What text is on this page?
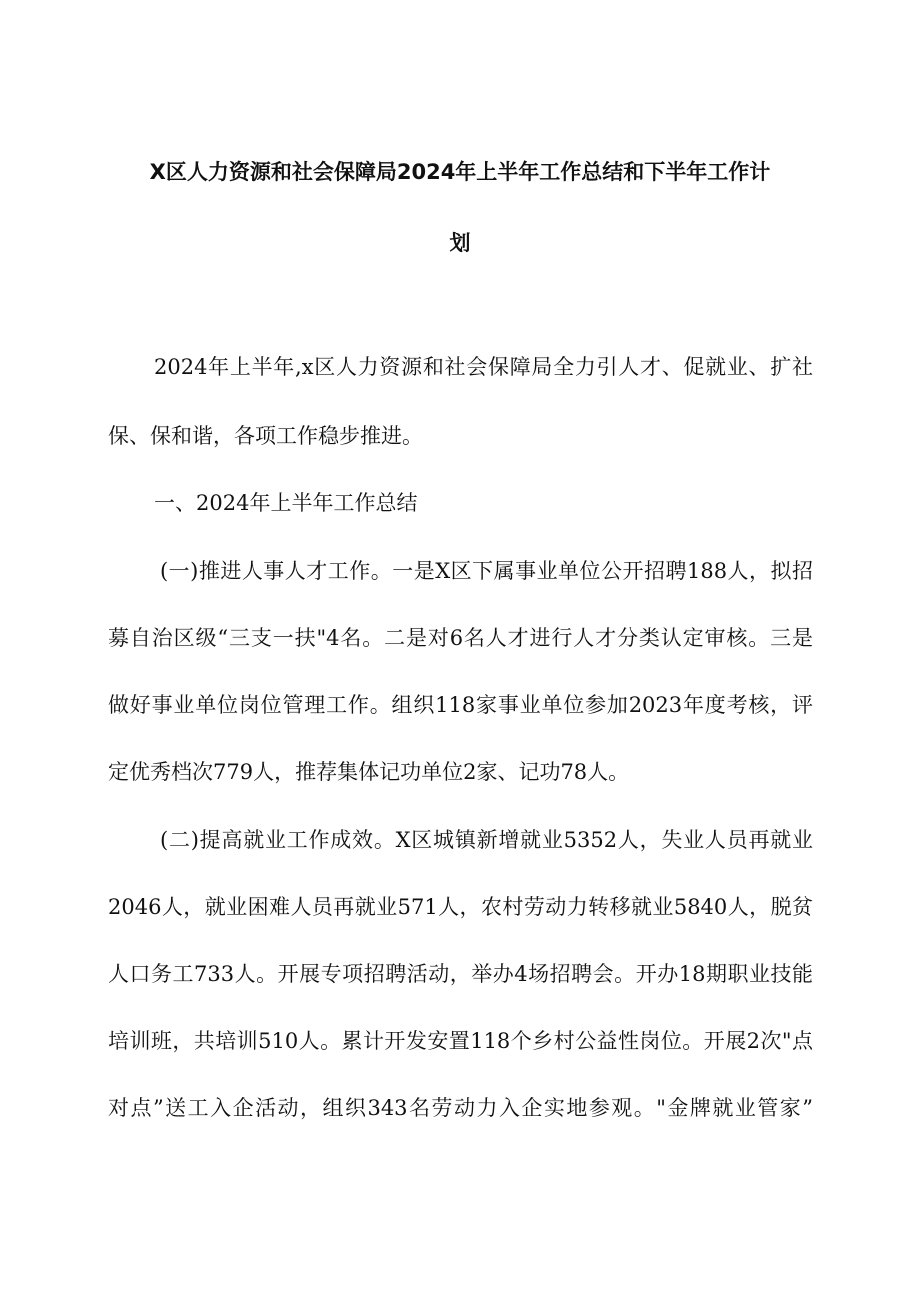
X区人力资源和社会保障局2024年上半年工作总结和下半年工作计
划
2024年上半年,x区人力资源和社会保障局全力引人才、促就业、扩社
保、保和谐，各项工作稳步推进。
一、2024年上半年工作总结
(一)推进人事人才工作。一是X区下属事业单位公开招聘188人，拟招
募自治区级“三支一扶"4名。二是对6名人才进行人才分类认定审核。三是
做好事业单位岗位管理工作。组织118家事业单位参加2023年度考核，评
定优秀档次779人，推荐集体记功单位2家、记功78人。
(二)提高就业工作成效。X区城镇新增就业5352人，失业人员再就业
2046人，就业困难人员再就业571人，农村劳动力转移就业5840人，脱贫
人口务工733人。开展专项招聘活动，举办4场招聘会。开办18期职业技能
培训班，共培训510人。累计开发安置118个乡村公益性岗位。开展2次"点
对点”送工入企活动，组织343名劳动力入企实地参观。"金牌就业管家”
